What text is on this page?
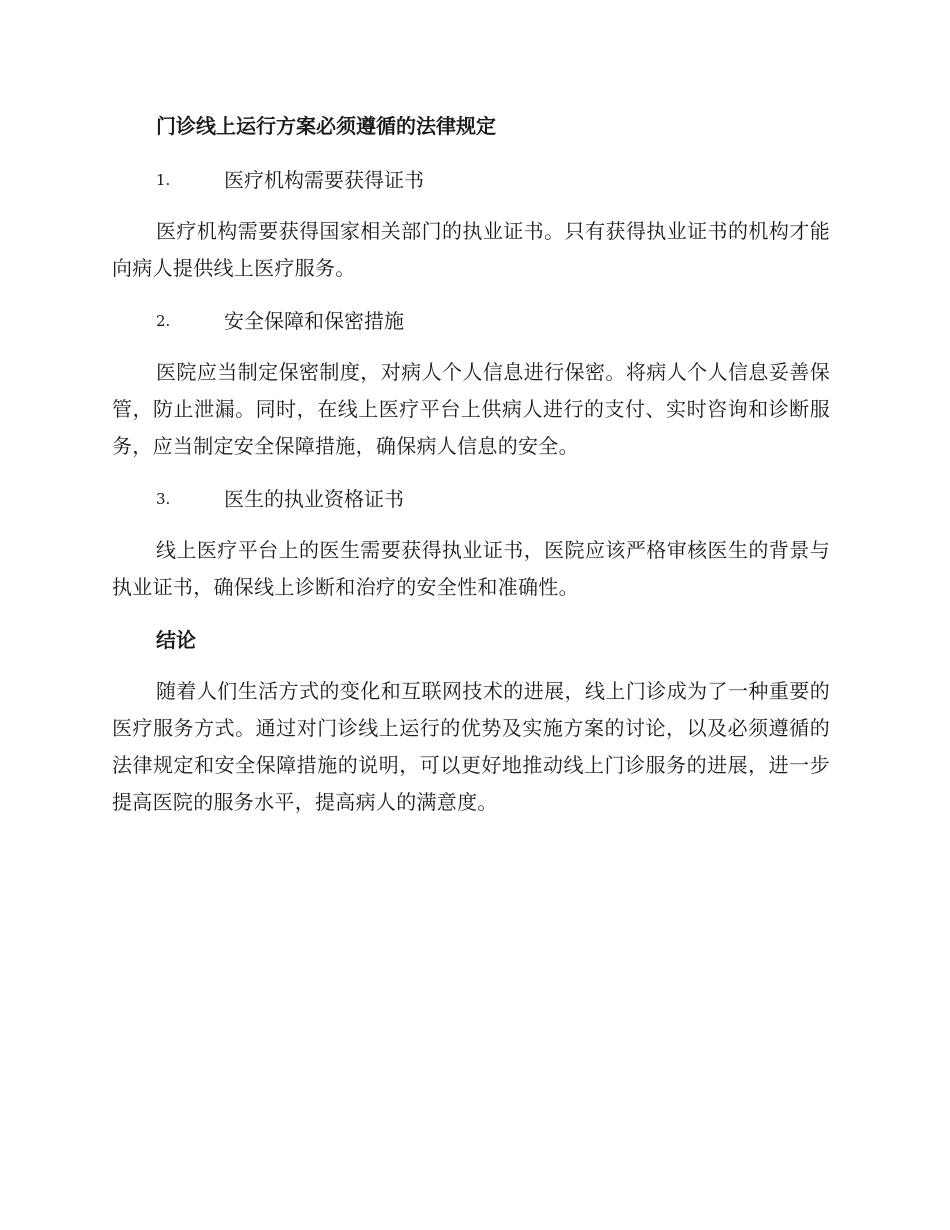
门诊线上运行方案必须遵循的法律规定
1.	医疗机构需要获得证书

医疗机构需要获得国家相关部门的执业证书。只有获得执业证书的机构才能向病人提供线上医疗服务。

2.	安全保障和保密措施

医院应当制定保密制度，对病人个人信息进行保密。将病人个人信息妥善保管，防止泄漏。同时，在线上医疗平台上供病人进行的支付、实时咨询和诊断服务，应当制定安全保障措施，确保病人信息的安全。

3.	医生的执业资格证书

线上医疗平台上的医生需要获得执业证书，医院应该严格审核医生的背景与执业证书，确保线上诊断和治疗的安全性和准确性。

结论

随着人们生活方式的变化和互联网技术的进展，线上门诊成为了一种重要的医疗服务方式。通过对门诊线上运行的优势及实施方案的讨论，以及必须遵循的法律规定和安全保障措施的说明，可以更好地推动线上门诊服务的进展，进一步提高医院的服务水平，提高病人的满意度。
